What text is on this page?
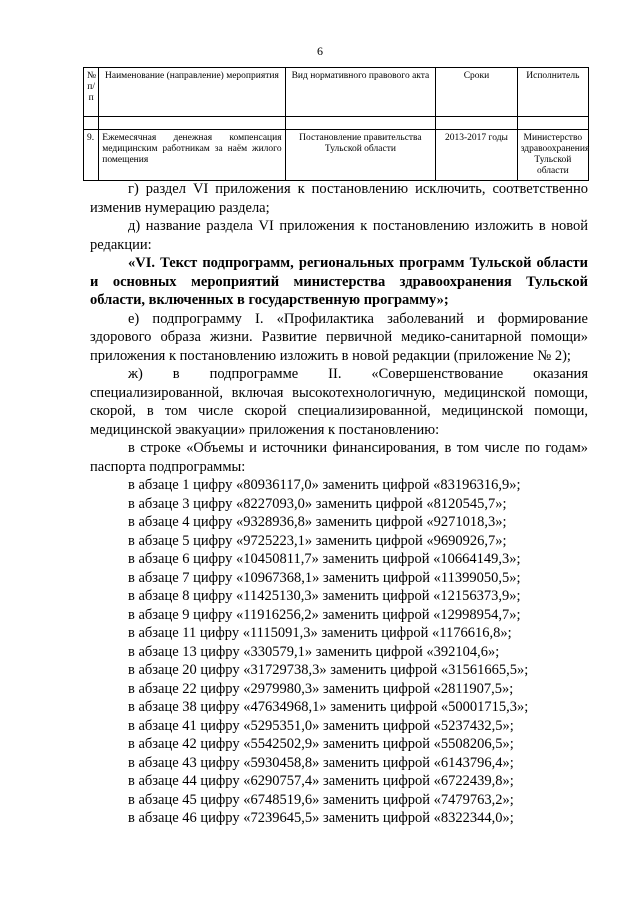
6
№ п/п	Наименование (направление) мероприятия	Вид нормативного правового акта	Сроки	Исполнитель

9.	Ежемесячная денежная компенсация медицинским работникам за наём жилого помещения	Постановление правительства Тульской области	2013-2017 годы	Министерство здравоохранения Тульской области

г) раздел VI приложения к постановлению исключить, соответственно изменив нумерацию раздела;

д) название раздела VI приложения к постановлению изложить в новой редакции:

«VI. Текст подпрограмм, региональных программ Тульской области и основных мероприятий министерства здравоохранения Тульской области, включенных в государственную программу»;

е) подпрограмму I. «Профилактика заболеваний и формирование здорового образа жизни. Развитие первичной медико-санитарной помощи» приложения к постановлению изложить в новой редакции (приложение № 2);

ж) в подпрограмме II. «Совершенствование оказания специализированной, включая высокотехнологичную, медицинской помощи, скорой, в том числе скорой специализированной, медицинской помощи, медицинской эвакуации» приложения к постановлению:

в строке «Объемы и источники финансирования, в том числе по годам» паспорта подпрограммы:

в абзаце 1 цифру «80936117,0» заменить цифрой «83196316,9»;

в абзаце 3 цифру «8227093,0» заменить цифрой «8120545,7»;

в абзаце 4 цифру «9328936,8» заменить цифрой «9271018,3»;

в абзаце 5 цифру «9725223,1» заменить цифрой «9690926,7»;

в абзаце 6 цифру «10450811,7» заменить цифрой «10664149,3»;

в абзаце 7 цифру «10967368,1» заменить цифрой «11399050,5»;

в абзаце 8 цифру «11425130,3» заменить цифрой «12156373,9»;

в абзаце 9 цифру «11916256,2» заменить цифрой «12998954,7»;

в абзаце 11 цифру «1115091,3» заменить цифрой «1176616,8»;

в абзаце 13 цифру «330579,1» заменить цифрой «392104,6»;

в абзаце 20 цифру «31729738,3» заменить цифрой «31561665,5»;

в абзаце 22 цифру «2979980,3» заменить цифрой «2811907,5»;

в абзаце 38 цифру «47634968,1» заменить цифрой «50001715,3»;

в абзаце 41 цифру «5295351,0» заменить цифрой «5237432,5»;

в абзаце 42 цифру «5542502,9» заменить цифрой «5508206,5»;

в абзаце 43 цифру «5930458,8» заменить цифрой «6143796,4»;

в абзаце 44 цифру «6290757,4» заменить цифрой «6722439,8»;

в абзаце 45 цифру «6748519,6» заменить цифрой «7479763,2»;

в абзаце 46 цифру «7239645,5» заменить цифрой «8322344,0»;
